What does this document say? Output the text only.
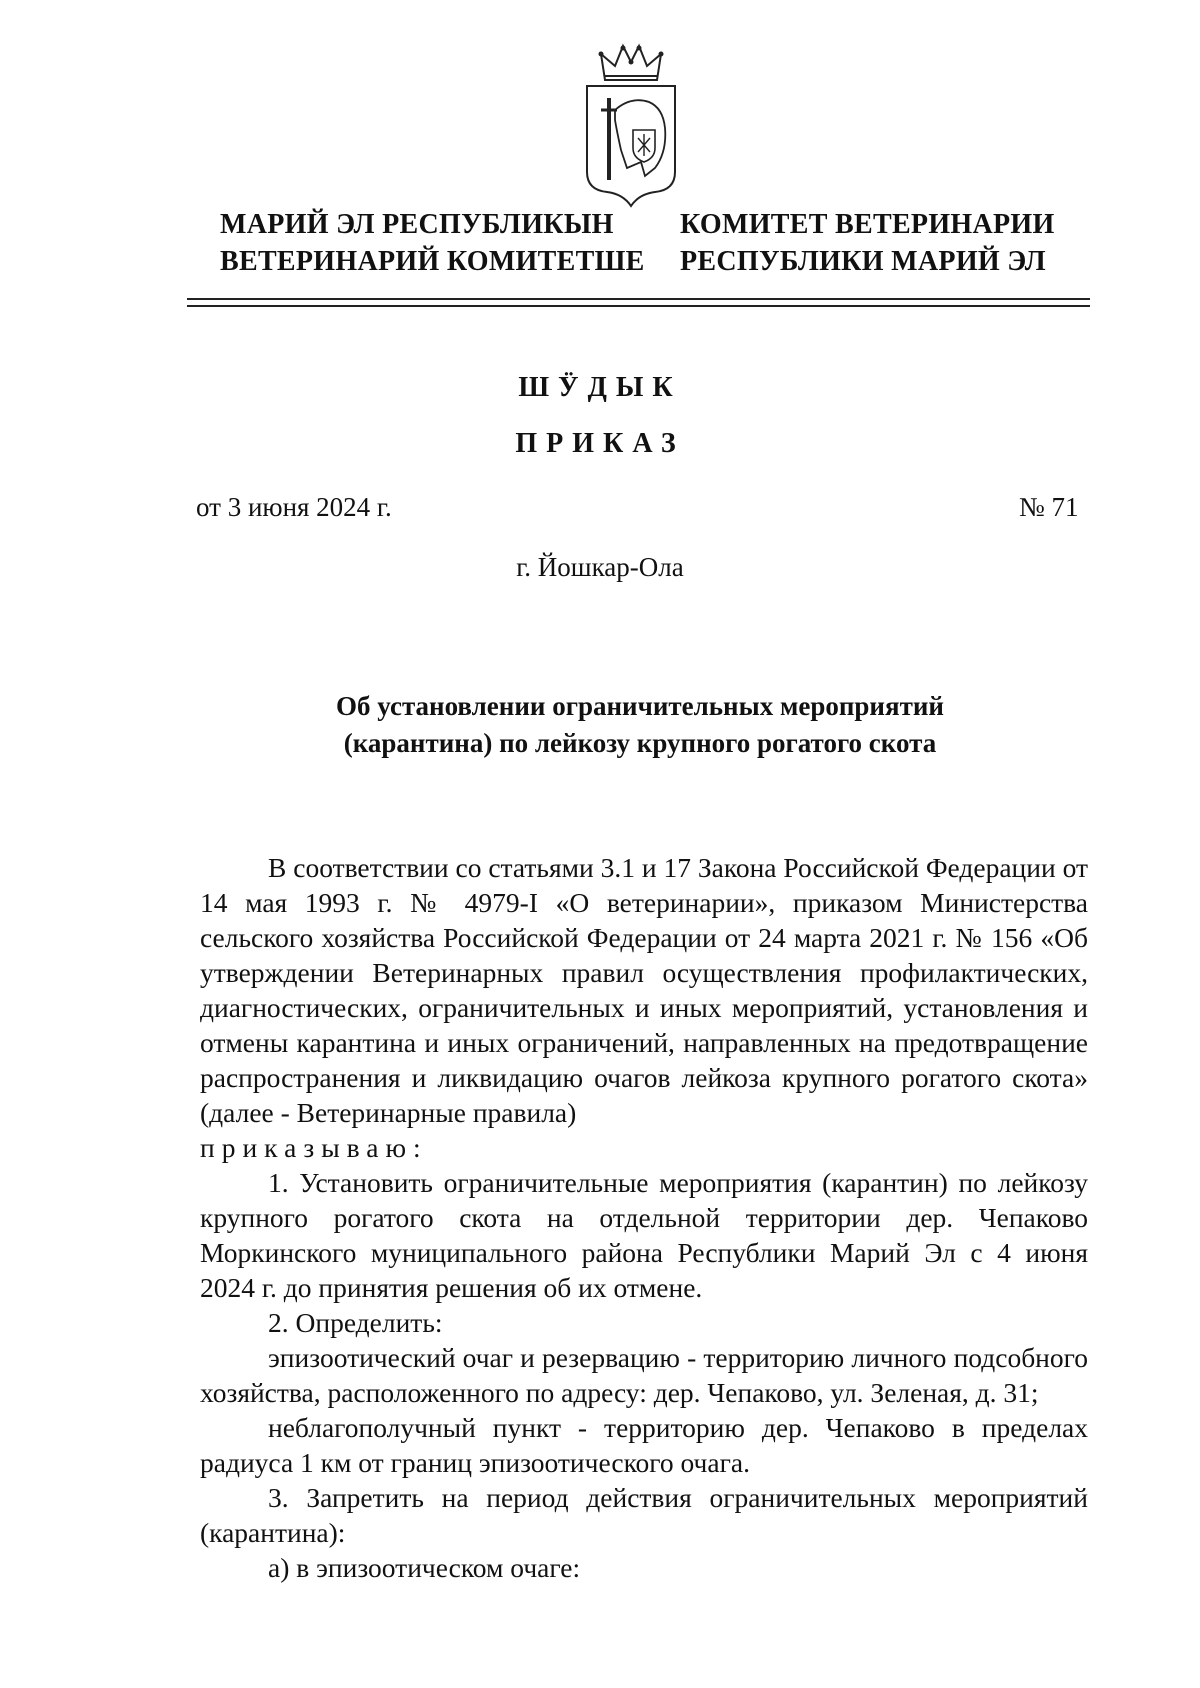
МАРИЙ ЭЛ РЕСПУБЛИКЫН
ВЕТЕРИНАРИЙ КОМИТЕТШЕ
КОМИТЕТ ВЕТЕРИНАРИИ
РЕСПУБЛИКИ МАРИЙ ЭЛ
ШӰДЫК
ПРИКАЗ
от 3 июня 2024 г.	№ 71
г. Йошкар-Ола
Об установлении ограничительных мероприятий
(карантина) по лейкозу крупного рогатого скота

В соответствии со статьями 3.1 и 17 Закона Российской Федерации от 14 мая 1993 г. № 4979-I «О ветеринарии», приказом Министерства сельского хозяйства Российской Федерации от 24 марта 2021 г. № 156 «Об утверждении Ветеринарных правил осуществления профилактических, диагностических, ограничительных и иных мероприятий, установления и отмены карантина и иных ограничений, направленных на предотвращение распространения и ликвидацию очагов лейкоза крупного рогатого скота» (далее - Ветеринарные правила)

приказываю:

1. Установить ограничительные мероприятия (карантин) по лейкозу крупного рогатого скота на отдельной территории дер. Чепаково Моркинского муниципального района Республики Марий Эл с 4 июня 2024 г. до принятия решения об их отмене.

2. Определить:

эпизоотический очаг и резервацию - территорию личного подсобного хозяйства, расположенного по адресу: дер. Чепаково, ул. Зеленая, д. 31;

неблагополучный пункт - территорию дер. Чепаково в пределах радиуса 1 км от границ эпизоотического очага.

3. Запретить на период действия ограничительных мероприятий (карантина):

а) в эпизоотическом очаге:
